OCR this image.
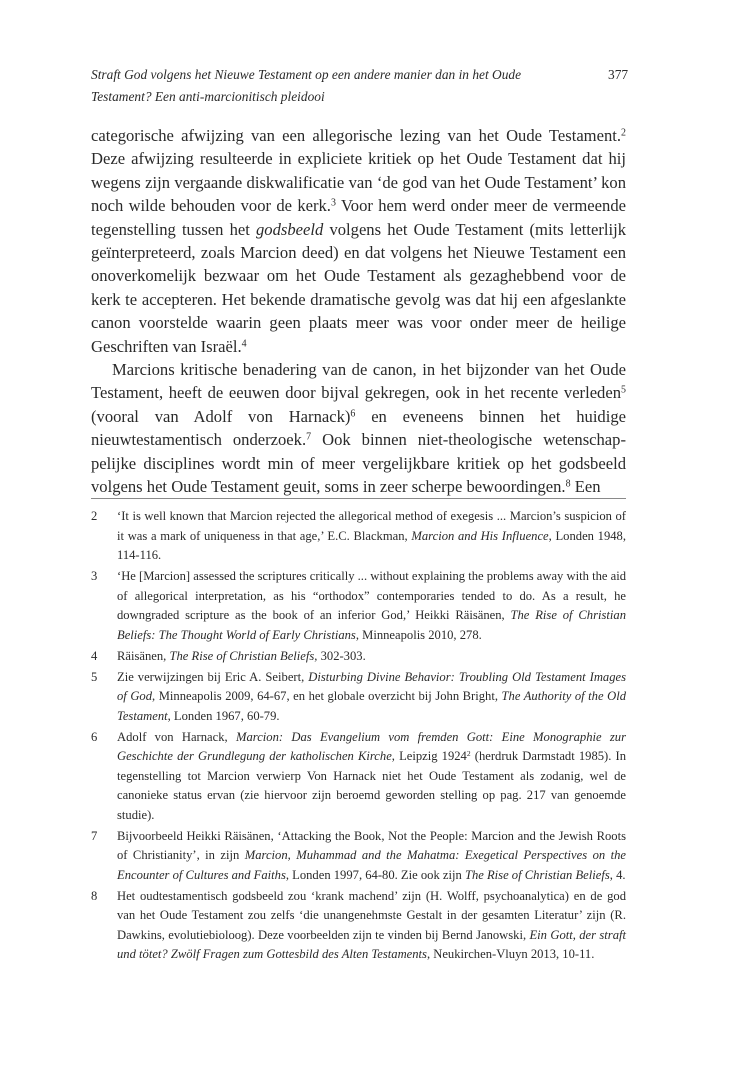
Straft God volgens het Nieuwe Testament op een andere manier dan in het Oude
Testament? Een anti-marcionitisch pleidooi
377

categorische afwijzing van een allegorische lezing van het Oude Testament.$^2$ Deze afwijzing resulteerde in expliciete kritiek op het Oude Testament dat hij wegens zijn vergaande diskwalificatie van ‘de god van het Oude Testament’ kon noch wilde behouden voor de kerk.$^3$ Voor hem werd onder meer de vermeende tegenstelling tussen het godsbeeld volgens het Oude Testament (mits letterlijk geïnterpreteerd, zoals Marcion deed) en dat volgens het Nieuwe Testament een onoverkomelijk bezwaar om het Oude Testament als gezaghebbend voor de kerk te accepteren. Het bekende dramatische gevolg was dat hij een afgeslankte canon voorstelde waarin geen plaats meer was voor onder meer de heilige Geschriften van Israël.$^4$

Marcions kritische benadering van de canon, in het bijzonder van het Oude Testament, heeft de eeuwen door bijval gekregen, ook in het recente verleden$^5$ (vooral van Adolf von Harnack)$^6$ en eveneens binnen het huidige nieuwtestamentisch onderzoek.$^7$ Ook binnen niet-theologische wetenschappelijke disciplines wordt min of meer vergelijkbare kritiek op het godsbeeld volgens het Oude Testament geuit, soms in zeer scherpe bewoordingen.$^8$ Een

2 ‘It is well known that Marcion rejected the allegorical method of exegesis ... Marcion’s suspicion of it was a mark of uniqueness in that age,’ E.C. Blackman, Marcion and His Influence, Londen 1948, 114-116.
3 ‘He [Marcion] assessed the scriptures critically ... without explaining the problems away with the aid of allegorical interpretation, as his “orthodox” contemporaries tended to do. As a result, he downgraded scripture as the book of an inferior God,’ Heikki Räisänen, The Rise of Christian Beliefs: The Thought World of Early Christians, Minneapolis 2010, 278.
4 Räisänen, The Rise of Christian Beliefs, 302-303.
5 Zie verwijzingen bij Eric A. Seibert, Disturbing Divine Behavior: Troubling Old Testament Images of God, Minneapolis 2009, 64-67, en het globale overzicht bij John Bright, The Authority of the Old Testament, Londen 1967, 60-79.
6 Adolf von Harnack, Marcion: Das Evangelium vom fremden Gott: Eine Monographie zur Geschichte der Grundlegung der katholischen Kirche, Leipzig 1924$^2$ (herdruk Darmstadt 1985). In tegenstelling tot Marcion verwierp Von Harnack niet het Oude Testament als zodanig, wel de canonieke status ervan (zie hiervoor zijn beroemd geworden stelling op pag. 217 van genoemde studie).
7 Bijvoorbeeld Heikki Räisänen, ‘Attacking the Book, Not the People: Marcion and the Jewish Roots of Christianity’, in zijn Marcion, Muhammad and the Mahatma: Exegetical Perspectives on the Encounter of Cultures and Faiths, Londen 1997, 64-80. Zie ook zijn The Rise of Christian Beliefs, 4.
8 Het oudtestamentisch godsbeeld zou ‘krank machend’ zijn (H. Wolff, psychoanalytica) en de god van het Oude Testament zou zelfs ‘die unangenehmste Gestalt in der gesamten Literatur’ zijn (R. Dawkins, evolutiebioloog). Deze voorbeelden zijn te vinden bij Bernd Janowski, Ein Gott, der straft und tötet? Zwölf Fragen zum Gottesbild des Alten Testaments, Neukirchen-Vluyn 2013, 10-11.
